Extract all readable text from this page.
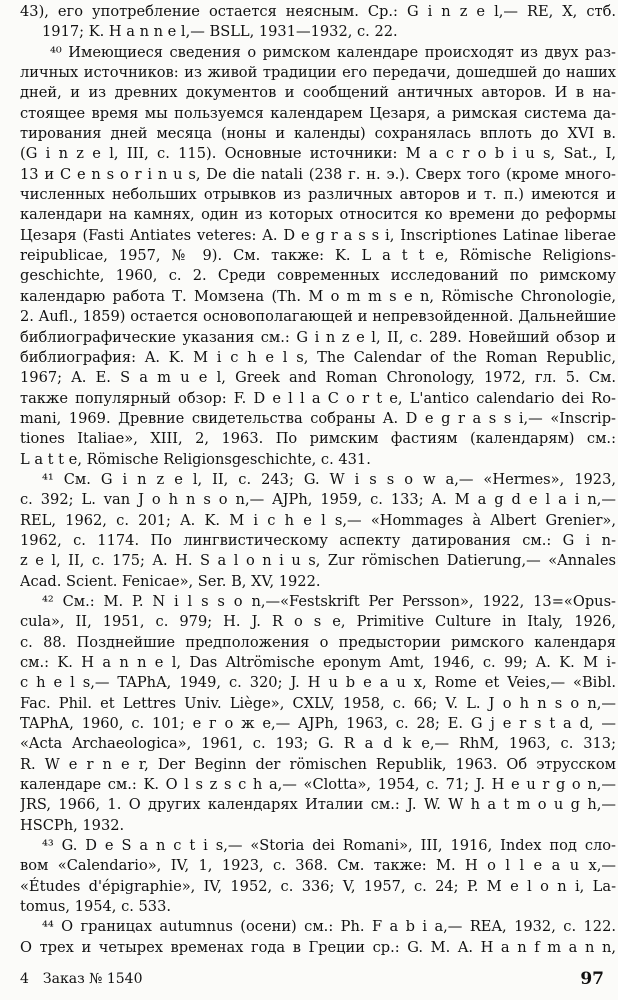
43), его употребление остается неясным. Ср.: G i n z e l,— RE, X, стб.
1917; K. H a n n e l,— BSLL, 1931—1932, с. 22.
⁴⁰ Имеющиеся сведения о римском календаре происходят из двух раз-
личных источников: из живой традиции его передачи, дошедшей до наших
дней, и из древних документов и сообщений античных авторов. И в на-
стоящее время мы пользуемся календарем Цезаря, а римская система да-
тирования дней месяца (ноны и календы) сохранялась вплоть до XVI в.
(G i n z e l, III, с. 115). Основные источники: M a c r o b i u s, Sat., I,
13 и C e n s o r i n u s, De die natali (238 г. н. э.). Сверх того (кроме много-
численных небольших отрывков из различных авторов и т. п.) имеются и
календари на камнях, один из которых относится ко времени до реформы
Цезаря (Fasti Antiates veteres: A. D e g r a s s i, Inscriptiones Latinae liberae
reipublicae, 1957, № 9). См. также: K. L a t t e, Römische Religions-
geschichte, 1960, с. 2. Среди современных исследований по римскому
календарю работа Т. Момзена (Th. M o m m s e n, Römische Chronologie,
2. Aufl., 1859) остается основополагающей и непревзойденной. Дальнейшие
библиографические указания см.: G i n z e l, II, с. 289. Новейший обзор и
библиография: A. K. M i c h e l s, The Calendar of the Roman Republic,
1967; A. E. S a m u e l, Greek and Roman Chronology, 1972, гл. 5. См.
также популярный обзор: F. D e l l a C o r t e, L'antico calendario dei Ro-
mani, 1969. Древние свидетельства собраны A. D e g r a s s i,— «Inscrip-
tiones Italiae», XIII, 2, 1963. По римским фастиям (календарям) см.:
L a t t e, Römische Religionsgeschichte, с. 431.
⁴¹ См. G i n z e l, II, с. 243; G. W i s s o w a,— «Hermes», 1923,
с. 392; L. van J o h n s o n,— AJPh, 1959, с. 133; A. M a g d e l a i n,—
REL, 1962, с. 201; A. K. M i c h e l s,— «Hommages à Albert Grenier»,
1962, с. 1174. По лингвистическому аспекту датирования см.: G i n-
z e l, II, с. 175; A. H. S a l o n i u s, Zur römischen Datierung,— «Annales
Acad. Scient. Fenicae», Ser. B, XV, 1922.
⁴² См.: M. P. N i l s s o n,—«Festskrift Per Persson», 1922, 13=«Opus-
cula», II, 1951, с. 979; H. J. R o s e, Primitive Culture in Italy, 1926,
с. 88. Позднейшие предположения о предыстории римского календаря
см.: K. H a n n e l, Das Altrömische eponym Amt, 1946, с. 99; A. K. M i-
c h e l s,— TAPhA, 1949, с. 320; J. H u b e a u x, Rome et Veies,— «Bibl.
Fac. Phil. et Lettres Univ. Liège», CXLV, 1958, с. 66; V. L. J o h n s o n,—
TAPhA, 1960, с. 101; е г о ж е,— AJPh, 1963, с. 28; E. G j e r s t a d, —
«Acta Archaeologica», 1961, с. 193; G. R a d k e,— RhM, 1963, с. 313;
R. W e r n e r, Der Beginn der römischen Republik, 1963. Об этрусском
календаре см.: K. O l s z s c h a,— «Clotta», 1954, с. 71; J. H e u r g o n,—
JRS, 1966, 1. О других календарях Италии см.: J. W. W h a t m o u g h,—
HSCPh, 1932.
⁴³ G. D e S a n c t i s,— «Storia dei Romani», III, 1916, Index под сло-
вом «Calendario», IV, 1, 1923, с. 368. См. также: M. H o l l e a u x,—
«Études d'épigraphie», IV, 1952, с. 336; V, 1957, с. 24; P. M e l o n i, La-
tomus, 1954, с. 533.
⁴⁴ О границах autumnus (осени) см.: Ph. F a b i a,— REA, 1932, с. 122.
О трех и четырех временах года в Греции ср.: G. M. A. H a n f m a n n,
4 Заказ № 1540	97
